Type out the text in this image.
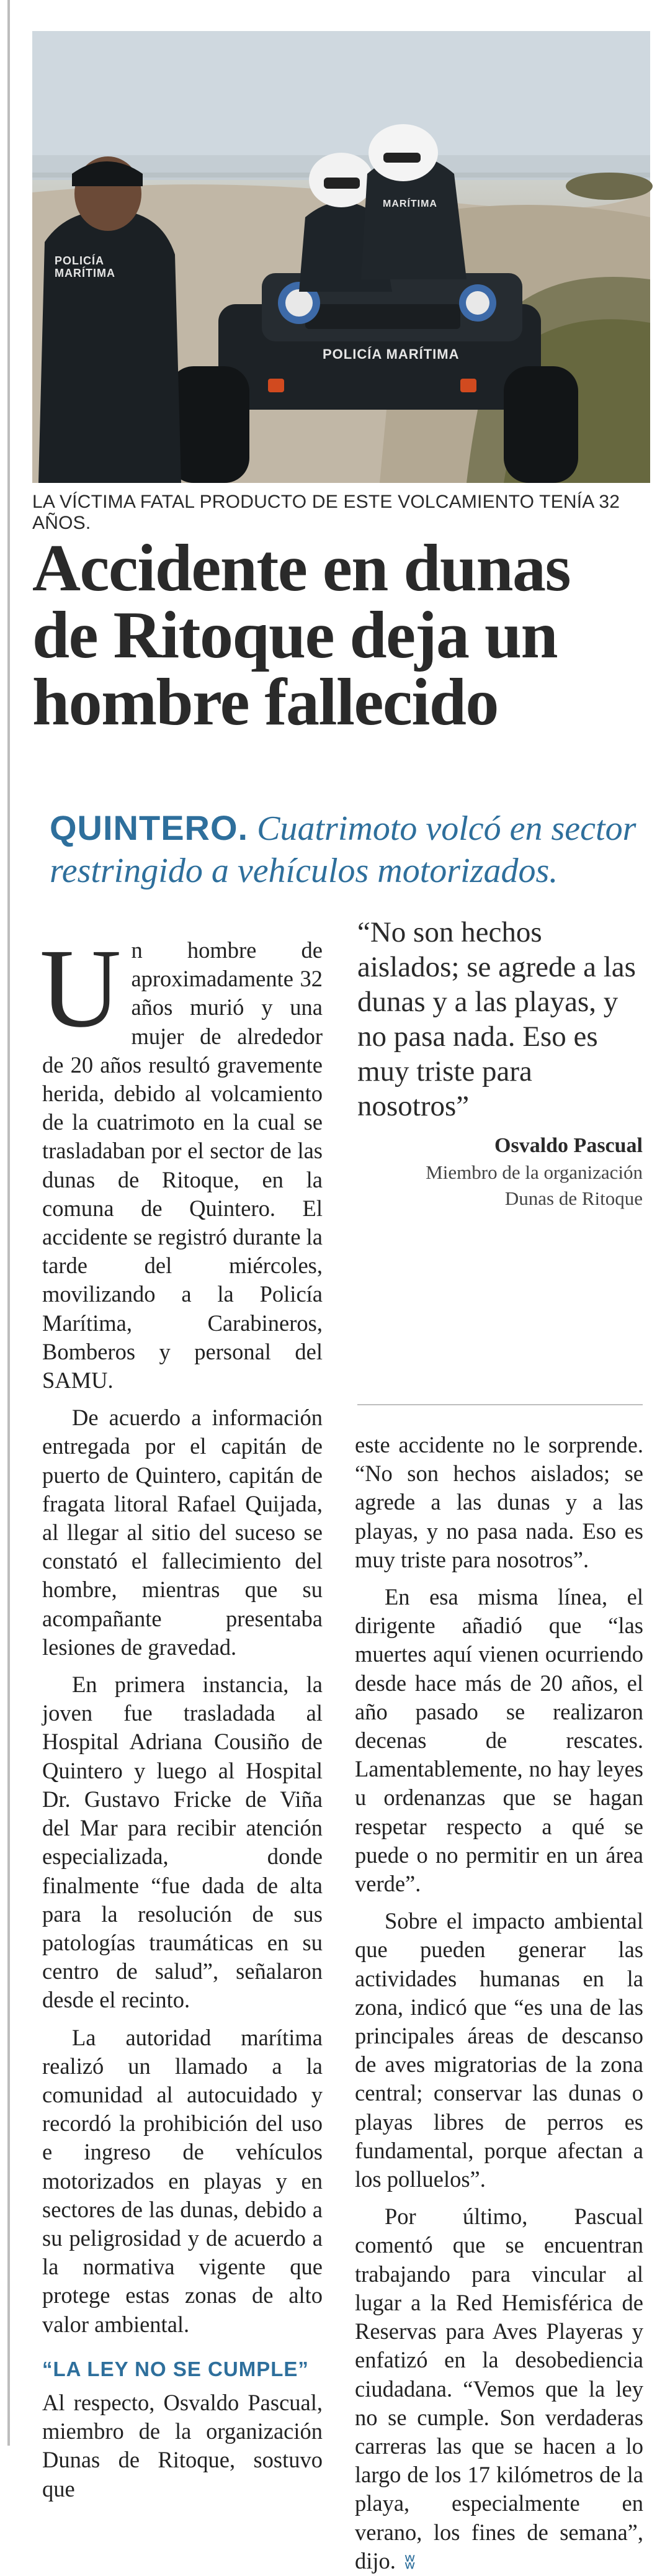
POLICÍA MARÍTIMA
MARÍTIMA
POLICÍA MARÍTIMA
LA VÍCTIMA FATAL PRODUCTO DE ESTE VOLCAMIENTO TENÍA 32 AÑOS.
Accidente en dunas
de Ritoque deja un
hombre fallecido
QUINTERO. Cuatrimoto volcó en sector restringido a vehículos motorizados.

Un hombre de aproximadamente 32 años murió y una mujer de alrededor de 20 años resultó gravemente herida, debido al volcamiento de la cuatrimoto en la cual se trasladaban por el sector de las dunas de Ritoque, en la comuna de Quintero. El accidente se registró durante la tarde del miércoles, movilizando a la Policía Marítima, Carabineros, Bomberos y personal del SAMU.

De acuerdo a información entregada por el capitán de puerto de Quintero, capitán de fragata litoral Rafael Quijada, al llegar al sitio del suceso se constató el fallecimiento del hombre, mientras que su acompañante presentaba lesiones de gravedad.

En primera instancia, la joven fue trasladada al Hospital Adriana Cousiño de Quintero y luego al Hospital Dr. Gustavo Fricke de Viña del Mar para recibir atención especializada, donde finalmente “fue dada de alta para la resolución de sus patologías traumáticas en su centro de salud”, señalaron desde el recinto.

La autoridad marítima realizó un llamado a la comunidad al autocuidado y recordó la prohibición del uso e ingreso de vehículos motorizados en playas y en sectores de las dunas, debido a su peligrosidad y de acuerdo a la normativa vigente que protege estas zonas de alto valor ambiental.

“LA LEY NO SE CUMPLE”

Al respecto, Osvaldo Pascual, miembro de la organización Dunas de Ritoque, sostuvo que

“No son hechos aislados; se agrede a las dunas y a las playas, y no pasa nada. Eso es muy triste para nosotros”
Osvaldo Pascual
Miembro de la organización
Dunas de Ritoque

este accidente no le sorprende. “No son hechos aislados; se agrede a las dunas y a las playas, y no pasa nada. Eso es muy triste para nosotros”.

En esa misma línea, el dirigente añadió que “las muertes aquí vienen ocurriendo desde hace más de 20 años, el año pasado se realizaron decenas de rescates. Lamentablemente, no hay leyes u ordenanzas que se hagan respetar respecto a qué se puede o no permitir en un área verde”.

Sobre el impacto ambiental que pueden generar las actividades humanas en la zona, indicó que “es una de las principales áreas de descanso de aves migratorias de la zona central; conservar las dunas o playas libres de perros es fundamental, porque afectan a los polluelos”.

Por último, Pascual comentó que se encuentran trabajando para vincular al lugar a la Red Hemisférica de Reservas para Aves Playeras y enfatizó en la desobediencia ciudadana. “Vemos que la ley no se cumple. Son verdaderas carreras las que se hacen a lo largo de los 17 kilómetros de la playa, especialmente en verano, los fines de semana”, dijo. ʬ
